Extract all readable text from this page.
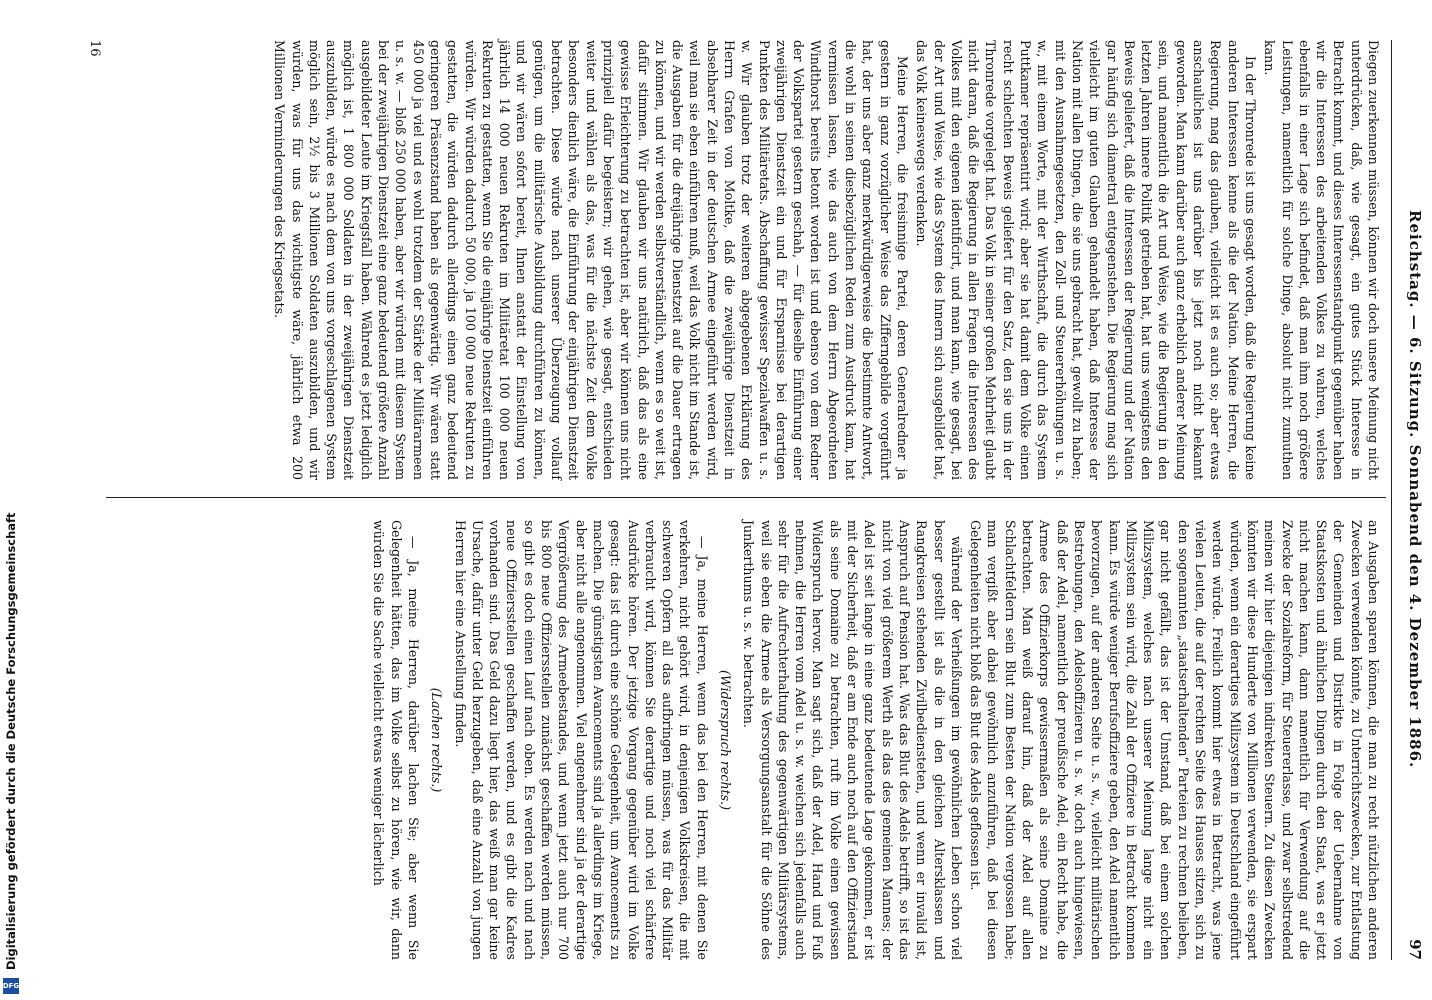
Digitalisierung gefördert durch die Deutsche Forschungsgemeinschaft
DFG
Reichstag. — 6. Sitzung. Sonnabend den 4. Dezember 1886.
97

Diegen zuerkennen müssen, können wir doch unsere Meinung nicht unterdrücken, daß, wie gesagt, ein gutes Stück Interesse in Betracht kommt, und dieses Interessenstandpunkt gegenüber haben wir die Interessen des arbeitenden Volkes zu wahren, welches ebenfalls in einer Lage sich befindet, daß man ihm noch größere Leistungen, namentlich für solche Dinge, absolut nicht zumuthen kann.

In der Thronrede ist uns gesagt worden, daß die Regierung keine anderen Interessen kenne als die der Nation. Meine Herren, die Regierung, mag das glauben, vielleicht ist es auch so; aber etwas anschauliches ist uns darüber bis jetzt noch nicht bekannt geworden. Man kann darüber auch ganz erheblich anderer Meinung sein, und namentlich die Art und Weise, wie die Regierung in den letzten Jahren innere Politik getrieben hat, hat uns wenigstens den Beweis geliefert, daß die Interessen der Regierung und der Nation gar häufig sich diametral entgegenstehen. Die Regierung mag sich vielleicht im guten Glauben gehandelt haben, daß Interesse der Nation mit allen Dingen, die sie uns gebracht hat, gewollt zu haben; mit den Ausnahmegesetzen, den Zoll- und Steuererhöhungen u. s. w., mit einem Worte, mit der Wirthschaft, die durch das System Puttkamer repräsentirt wird; aber sie hat damit dem Volke einen recht schlechten Beweis geliefert für den Satz, den sie uns in der Thronrede vorgelegt hat. Das Volk in seiner großen Mehrheit glaubt nicht daran, daß die Regierung in allen Fragen die Interessen des Volkes mit den eigenen identificirt, und man kann, wie gesagt, bei der Art und Weise, wie das System des Innern sich ausgebildet hat, das Volk keineswegs verdenken.

Meine Herren, die freisinnige Partei, deren Generalredner ja gestern in ganz vorzüglicher Weise das Zifferngebilde vorgeführt hat, der uns aber ganz merkwürdigerweise die bestimmte Antwort, die wohl in seinen diesbezüglichen Reden zum Ausdruck kam, hat vermissen lassen, wie das auch von dem Herrn Abgeordneten Windthorst bereits betont worden ist und ebenso von dem Redner der Volkspartei gestern geschah, — für dieselbe Einführung einer zweijährigen Dienstzeit ein und für Ersparnisse bei derartigen Punkten des Militäretats. Abschaffung gewisser Spezialwaffen u. s. w. Wir glauben trotz der weiteren abgegebenen Erklärung des Herrn Grafen von Moltke, daß die zweijährige Dienstzeit in absehbarer Zeit in der deutschen Armee eingeführt werden wird, weil man sie eben einführen muß, weil das Volk nicht im Stande ist, die Ausgaben für die dreijährige Dienstzeit auf die Dauer ertragen zu können, und wir werden selbstverständlich, wenn es so weit ist, dafür stimmen. Wir glauben wir uns natürlich, daß das als eine gewisse Erleichterung zu betrachten ist, aber wir können uns nicht prinzipiell dafür begeistern; wir gehen, wie gesagt, entschieden weiter und wählen als das, was für die nächste Zeit dem Volke besonders dienlich wäre, die Einführung der einjährigen Dienstzeit betrachten. Diese würde nach unserer Überzeugung vollauf genügen, um die militärische Ausbildung durchführen zu können, und wir wären sofort bereit, Ihnen anstatt der Einstellung von jährlich 14 000 neuen Rekruten im Militäretat 100 000 neuen Rekruten zu gestatten, wenn Sie die einjährige Dienstzeit einführen würden. Wir würden dadurch 50 000, ja 100 000 neue Rekruten zu gestatten, die würden dadurch allerdings einen ganz bedeutend geringeren Präsenzstand haben als gegenwärtig. Wir wären statt 450 000 ja viel und es wohl trotzdem der Stärke der Militärarmeen u. s. w. — bloß 250 000 haben, aber wir würden mit diesem System bei der zweijährigen Dienstzeit eine ganz bedeutend größere Anzahl ausgebildeter Leute im Kriegsfall haben. Während es jetzt lediglich möglich ist, 1 800 000 Soldaten in der zweijährigen Dienstzeit auszubilden, würde es nach dem von uns vorgeschlagenen System möglich sein, 2½ bis 3 Millionen Soldaten auszubilden, und wir würden, was für uns das wichtigste wäre, jährlich etwa 200 Millionen Verminderungen des Kriegsetats.

an Ausgaben sparen können, die man zu recht nützlichen anderen Zwecken verwenden könnte, zu Unterrichtszwecken, zur Entlastung der Gemeinden und Distrikte in Folge der Uebernahme von Staatskosten und ähnlichen Dingen durch den Staat, was er jetzt nicht machen kann, dann namentlich für Verwendung auf die Zwecke der Sozialreform, für Steuererlasse, und zwar selbstredend meinen wir hier diejenigen indirekten Steuern. Zu diesen Zwecken könnten wir diese Hunderte von Millionen verwenden, sie erspart würden, wenn ein derartiges Milizsystem in Deutschland eingeführt werden würde. Freilich kommt hier etwas in Betracht, was jene vielen Leuten, die auf der rechten Seite des Hauses sitzen, sich zu den sogenannten „staatserhaltenden“ Parteien zu rechnen belieben, gar nicht gefällt, das ist der Umstand, daß bei einem solchen Milizsystem, welches nach unserer Meinung lange nicht ein Milizsystem sein wird, die Zahl der Offiziere in Betracht kommen kann. Es würde weniger Berufsoffiziere geben, den Adel namentlich bevorzugen, auf der anderen Seite u. s. w., vielleicht militärischen Bestrebungen, den Adelsoffizieren u. s. w. doch auch hingewiesen, daß der Adel, namentlich der preußische Adel, ein Recht habe, die Armee des Offizierkorps gewissermaßen als seine Domaine zu betrachten. Man weiß darauf hin, daß der Adel auf allen Schlachtfeldern sein Blut zum Besten der Nation vergossen habe; man vergißt aber dabei gewöhnlich anzuführen, daß bei diesen Gelegenheiten nicht bloß das Blut des Adels geflossen ist.

während der Verheißungen im gewöhnlichen Leben schon viel besser gestellt ist als die in den gleichen Altersklassen und Rangkreisen stehenden Zivilbediensteten, und wenn er invalid ist, Anspruch auf Pension hat. Was das Blut des Adels betrifft, so ist das nicht von viel größerem Werth als das des gemeinen Mannes; der Adel ist seit lange in eine ganz bedeutende Lage gekommen, er ist mit der Sicherheit, daß er am Ende auch noch auf den Offizierstand als seine Domaine zu betrachten, ruft im Volke einen gewissen Widerspruch hervor. Man sagt sich, daß der Adel, Hand und Fuß nehmen, die Herren vom Adel u. s. w. weichen sich jedenfalls auch sehr für die Aufrechterhaltung des gegenwärtigen Militärsystems, weil sie eben die Armee als Versorgungsanstalt für die Söhne des Junkerthums u. s. w. betrachten.

(Widerspruch rechts.)

— Ja, meine Herren, wenn das bei den Herren, mit denen Sie verkehren, nicht gehört wird, in denjenigen Volkskreisen, die mit schweren Opfern all das aufbringen müssen, was für das Militär verbraucht wird, können Sie derartige und noch viel schärfere Ausdrücke hören. Der jetzige Vorgang gegenüber wird im Volke gesagt: das ist durch eine schöne Gelegenheit, um Avancements zu machen. Die günstigsten Avancements sind ja allerdings im Kriege, aber nicht alle angenommen. Viel angenehmer sind ja der derartige Vergrößerung des Armeebestandes, und wenn jetzt auch nur 700 bis 800 neue Offiziersstellen zunächst geschaffen werden müssen, so gibt es doch einen Lauf nach oben. Es werden nach und nach neue Offiziersstellen geschaffen werden, und es gibt die Kadres vorhanden sind. Das Geld dazu liegt hier, das weiß man gar keine Ursache, dafür unter Geld herzugeben, daß eine Anzahl von jungen Herren hier eine Anstellung finden.

(Lachen rechts.)

— Ja, meine Herren, darüber lachen Sie; aber wenn Sie Gelegenheit hätten, das im Volke selbst zu hören, wie wir, dann würden Sie die Sache vielleicht etwas weniger lächerlich

16
